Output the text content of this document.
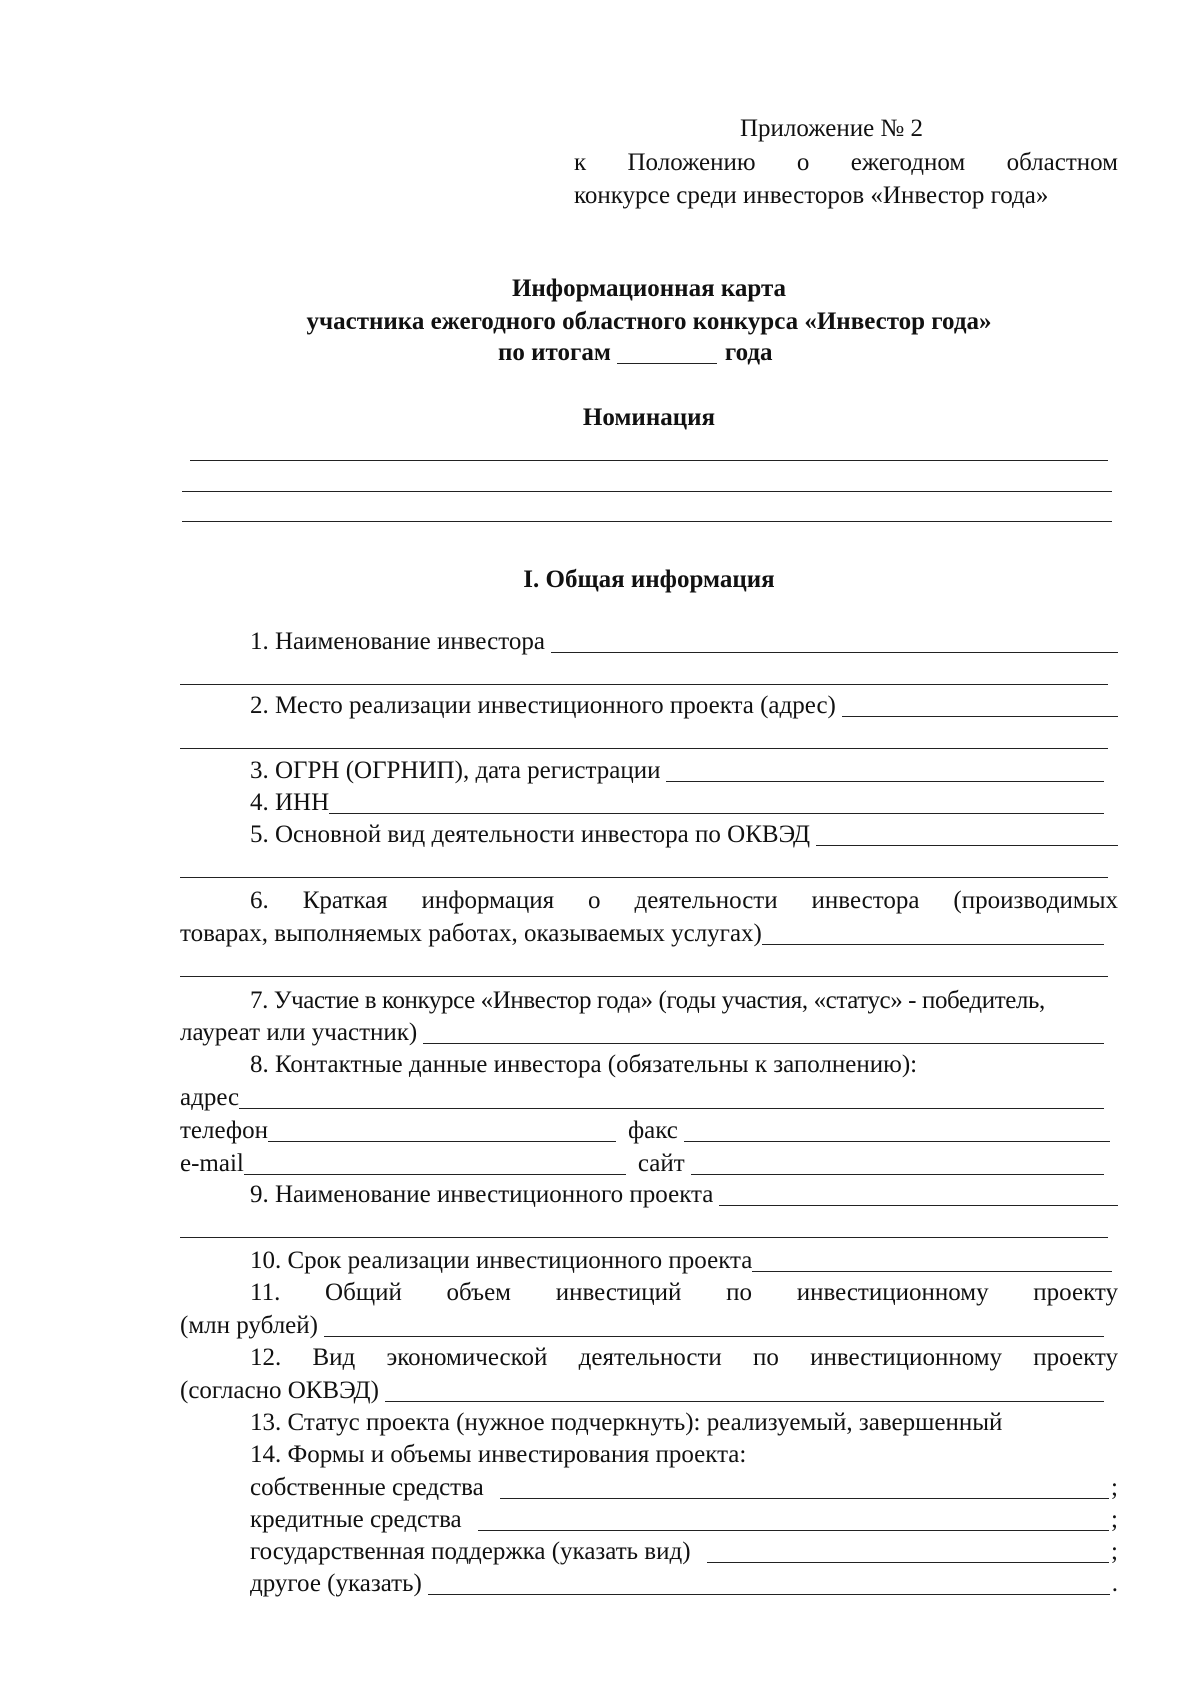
Приложение № 2
к Положению о ежегодном областном
конкурсе среди инвесторов «Инвестор года»
Информационная карта
участника ежегодного областного конкурса «Инвестор года»
по итогам	года
Номинация
I. Общая информация
1. Наименование инвестора
2. Место реализации инвестиционного проекта (адрес)
3. ОГРН (ОГРНИП), дата регистрации
4. ИНН
5. Основной вид деятельности инвестора по ОКВЭД
6. Краткая информация о деятельности инвестора (производимых
товарах, выполняемых работах, оказываемых услугах)
7. Участие в конкурсе «Инвестор года» (годы участия, «статус» - победитель,
лауреат или участник)
8. Контактные данные инвестора (обязательны к заполнению):
адрес
телефон	факс
e-mail	сайт
9. Наименование инвестиционного проекта
10. Срок реализации инвестиционного проекта
11. Общий объем инвестиций по инвестиционному проекту
(млн рублей)
12. Вид экономической деятельности по инвестиционному проекту
(согласно ОКВЭД)
13. Статус проекта (нужное подчеркнуть): реализуемый, завершенный
14. Формы и объемы инвестирования проекта:
собственные средства	;
кредитные средства	;
государственная поддержка (указать вид)	;
другое (указать)	.
